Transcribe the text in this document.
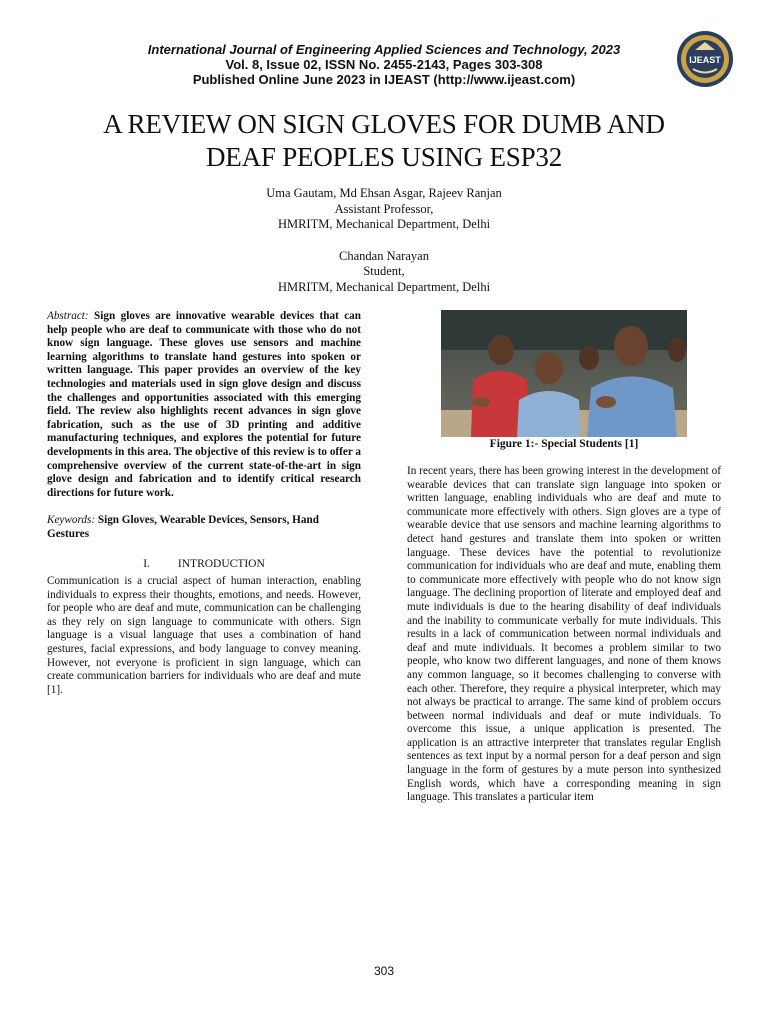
International Journal of Engineering Applied Sciences and Technology, 2023
Vol. 8, Issue 02, ISSN No. 2455-2143, Pages 303-308
Published Online June 2023 in IJEAST (http://www.ijeast.com)
IJEAST
A REVIEW ON SIGN GLOVES FOR DUMB AND
DEAF PEOPLES USING ESP32
Uma Gautam, Md Ehsan Asgar, Rajeev Ranjan
Assistant Professor,
HMRITM, Mechanical Department, Delhi
Chandan Narayan
Student,
HMRITM, Mechanical Department, Delhi

Abstract: Sign gloves are innovative wearable devices that can help people who are deaf to communicate with those who do not know sign language. These gloves use sensors and machine learning algorithms to translate hand gestures into spoken or written language. This paper provides an overview of the key technologies and materials used in sign glove design and discuss the challenges and opportunities associated with this emerging field. The review also highlights recent advances in sign glove fabrication, such as the use of 3D printing and additive manufacturing techniques, and explores the potential for future developments in this area. The objective of this review is to offer a comprehensive overview of the current state-of-the-art in sign glove design and fabrication and to identify critical research directions for future work.

Keywords: Sign Gloves, Wearable Devices, Sensors, Hand Gestures

I. INTRODUCTION

Communication is a crucial aspect of human interaction, enabling individuals to express their thoughts, emotions, and needs. However, for people who are deaf and mute, communication can be challenging as they rely on sign language to communicate with others. Sign language is a visual language that uses a combination of hand gestures, facial expressions, and body language to convey meaning. However, not everyone is proficient in sign language, which can create communication barriers for individuals who are deaf and mute [1].

Figure 1:- Special Students [1]

In recent years, there has been growing interest in the development of wearable devices that can translate sign language into spoken or written language, enabling individuals who are deaf and mute to communicate more effectively with others. Sign gloves are a type of wearable device that use sensors and machine learning algorithms to detect hand gestures and translate them into spoken or written language. These devices have the potential to revolutionize communication for individuals who are deaf and mute, enabling them to communicate more effectively with people who do not know sign language. The declining proportion of literate and employed deaf and mute individuals is due to the hearing disability of deaf individuals and the inability to communicate verbally for mute individuals. This results in a lack of communication between normal individuals and deaf and mute individuals. It becomes a problem similar to two people, who know two different languages, and none of them knows any common language, so it becomes challenging to converse with each other. Therefore, they require a physical interpreter, which may not always be practical to arrange. The same kind of problem occurs between normal individuals and deaf or mute individuals. To overcome this issue, a unique application is presented. The application is an attractive interpreter that translates regular English sentences as text input by a normal person for a deaf person and sign language in the form of gestures by a mute person into synthesized English words, which have a corresponding meaning in sign language. This translates a particular item

303
